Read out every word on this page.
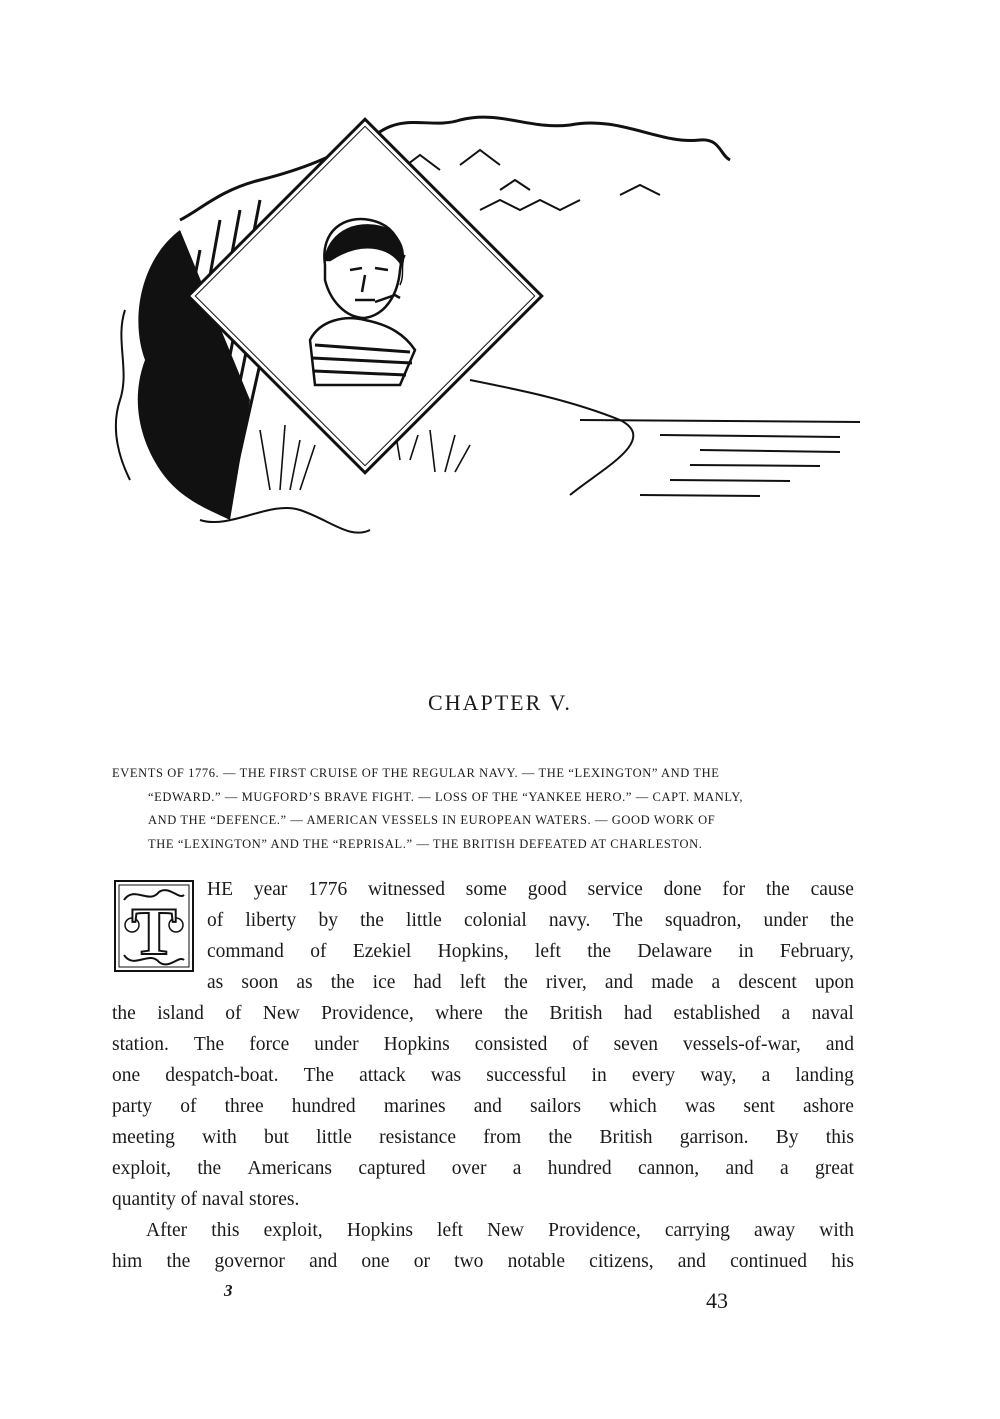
CHAPTER V.
EVENTS OF 1776. — THE FIRST CRUISE OF THE REGULAR NAVY. — THE “LEXINGTON” AND THE
“EDWARD.” — MUGFORD’S BRAVE FIGHT. — LOSS OF THE “YANKEE HERO.” — CAPT. MANLY,
AND THE “DEFENCE.” — AMERICAN VESSELS IN EUROPEAN WATERS. — GOOD WORK OF
THE “LEXINGTON” AND THE “REPRISAL.” — THE BRITISH DEFEATED AT CHARLESTON.
T
HE year 1776 witnessed some good service done for the cause
of liberty by the little colonial navy. The squadron, under the
command of Ezekiel Hopkins, left the Delaware in February,
as soon as the ice had left the river, and made a descent upon
the island of New Providence, where the British had established a naval
station. The force under Hopkins consisted of seven vessels-of-war, and
one despatch-boat. The attack was successful in every way, a landing
party of three hundred marines and sailors which was sent ashore
meeting with but little resistance from the British garrison. By this
exploit, the Americans captured over a hundred cannon, and a great
quantity of naval stores.
After this exploit, Hopkins left New Providence, carrying away with
him the governor and one or two notable citizens, and continued his
3	43
